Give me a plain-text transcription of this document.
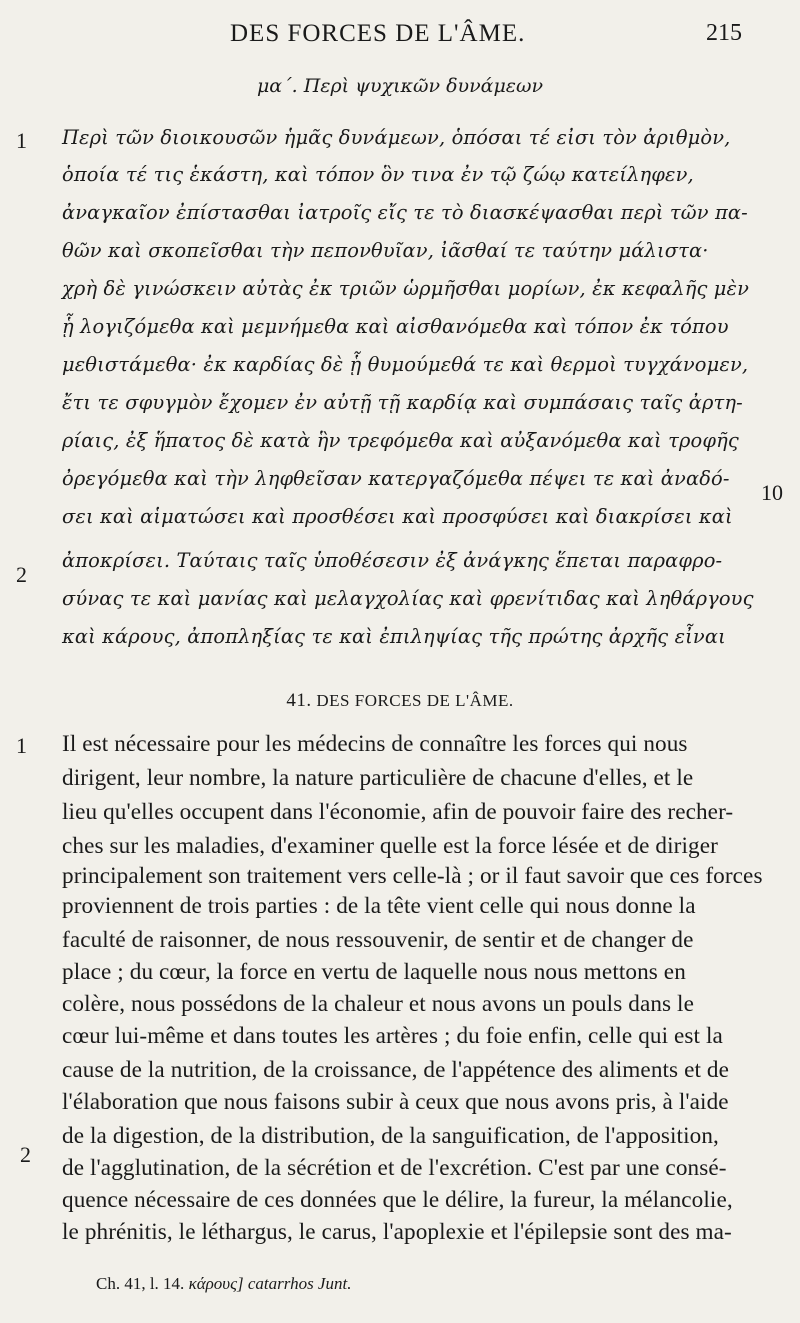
DES FORCES DE L'ÂME.	215
μα΄. Περὶ ψυχικῶν δυνάμεων
1
10
2
Περὶ τῶν διοικουσῶν ἡμᾶς δυνάμεων, ὁπόσαι τέ εἰσι τὸν ἀριθμὸν,
ὁποία τέ τις ἑκάστη, καὶ τόπον ὃν τινα ἐν τῷ ζώῳ κατείληφεν,
ἀναγκαῖον ἐπίστασθαι ἰατροῖς εἴς τε τὸ διασκέψασθαι περὶ τῶν πα-
θῶν καὶ σκοπεῖσθαι τὴν πεπονθυῖαν, ἰᾶσθαί τε ταύτην μάλιστα·
χρὴ δὲ γινώσκειν αὐτὰς ἐκ τριῶν ὡρμῆσθαι μορίων, ἐκ κεφαλῆς μὲν
ᾗ λογιζόμεθα καὶ μεμνήμεθα καὶ αἰσθανόμεθα καὶ τόπον ἐκ τόπου
μεθιστάμεθα· ἐκ καρδίας δὲ ᾗ θυμούμεθά τε καὶ θερμοὶ τυγχάνομεν,
ἔτι τε σφυγμὸν ἔχομεν ἐν αὐτῇ τῇ καρδίᾳ καὶ συμπάσαις ταῖς ἀρτη-
ρίαις, ἐξ ἥπατος δὲ κατὰ ἣν τρεφόμεθα καὶ αὐξανόμεθα καὶ τροφῆς
ὀρεγόμεθα καὶ τὴν ληφθεῖσαν κατεργαζόμεθα πέψει τε καὶ ἀναδό-
σει καὶ αἱματώσει καὶ προσθέσει καὶ προσφύσει καὶ διακρίσει καὶ
ἀποκρίσει. Ταύταις ταῖς ὑποθέσεσιν ἐξ ἀνάγκης ἕπεται παραφρο-
σύνας τε καὶ μανίας καὶ μελαγχολίας καὶ φρενίτιδας καὶ ληθάργους
καὶ κάρους, ἀποπληξίας τε καὶ ἐπιληψίας τῆς πρώτης ἀρχῆς εἶναι
41. DES FORCES DE L'ÂME.
1
2
Il est nécessaire pour les médecins de connaître les forces qui nous
dirigent, leur nombre, la nature particulière de chacune d'elles, et le
lieu qu'elles occupent dans l'économie, afin de pouvoir faire des recher-
ches sur les maladies, d'examiner quelle est la force lésée et de diriger
principalement son traitement vers celle-là ; or il faut savoir que ces forces
proviennent de trois parties : de la tête vient celle qui nous donne la
faculté de raisonner, de nous ressouvenir, de sentir et de changer de
place ; du cœur, la force en vertu de laquelle nous nous mettons en
colère, nous possédons de la chaleur et nous avons un pouls dans le
cœur lui-même et dans toutes les artères ; du foie enfin, celle qui est la
cause de la nutrition, de la croissance, de l'appétence des aliments et de
l'élaboration que nous faisons subir à ceux que nous avons pris, à l'aide
de la digestion, de la distribution, de la sanguification, de l'apposition,
de l'agglutination, de la sécrétion et de l'excrétion. C'est par une consé-
quence nécessaire de ces données que le délire, la fureur, la mélancolie,
le phrénitis, le léthargus, le carus, l'apoplexie et l'épilepsie sont des ma-
Ch. 41, l. 14. κάρους] catarrhos Junt.
